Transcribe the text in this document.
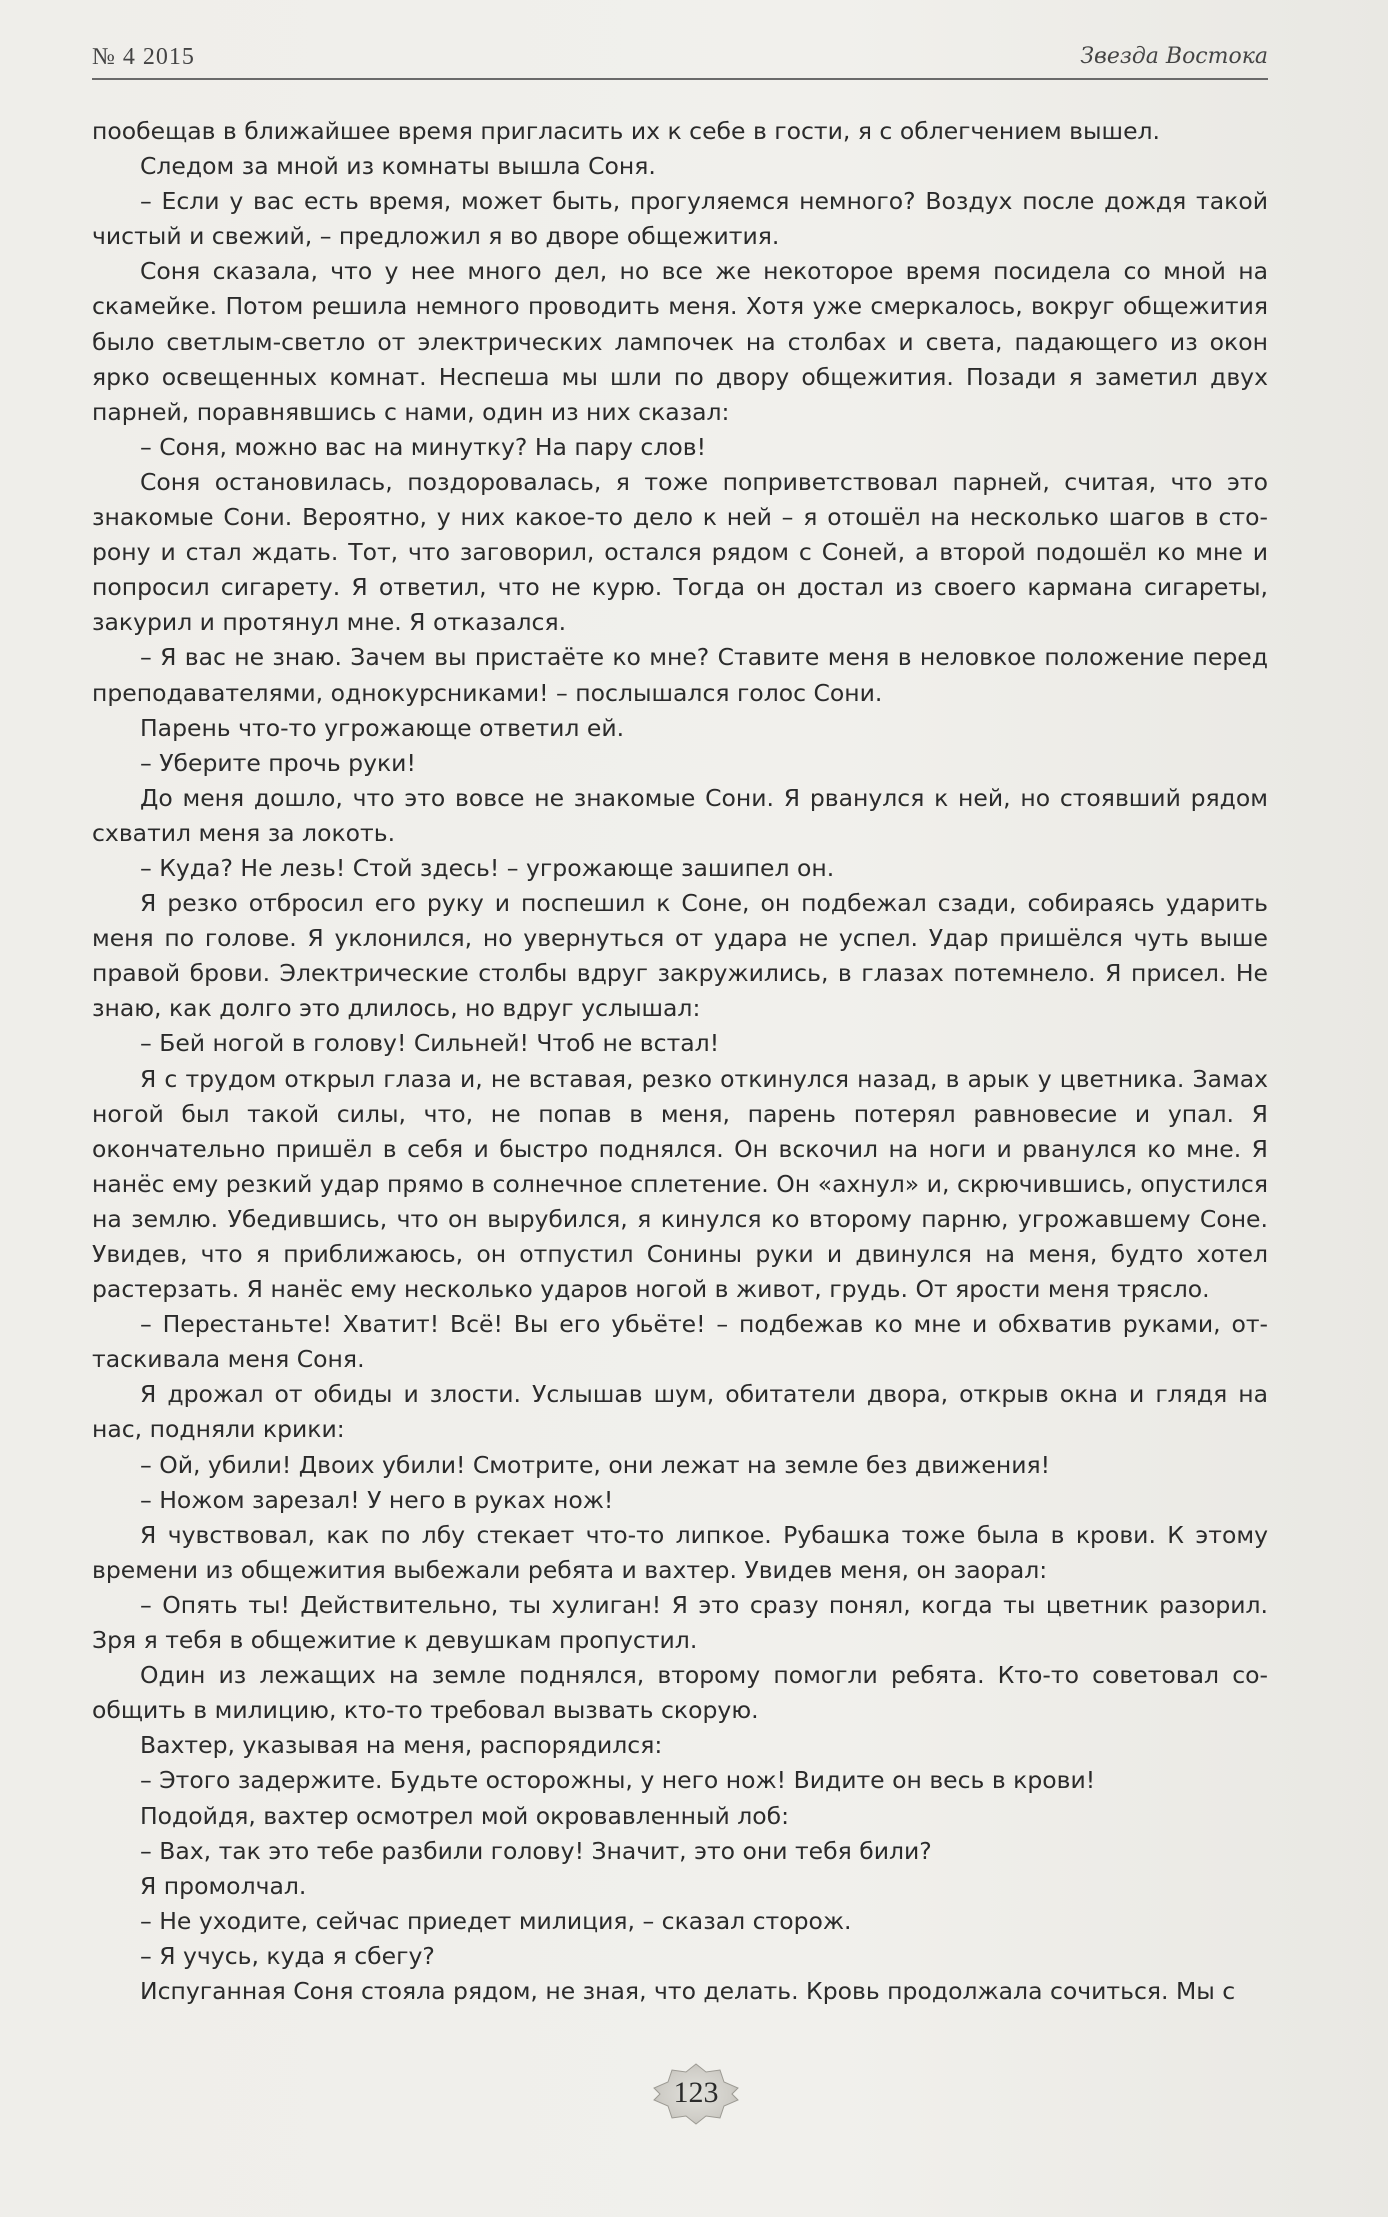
№ 4 2015	Звезда Востока

пообещав в ближайшее время пригласить их к себе в гости, я с облегчением вышел.

Следом за мной из комнаты вышла Соня.

– Если у вас есть время, может быть, прогуляемся немного? Воздух после дождя такой чистый и свежий, – предложил я во дворе общежития.

Соня сказала, что у нее много дел, но все же некоторое время посидела со мной на скамейке. Потом решила немного проводить меня. Хотя уже смеркалось, вокруг общежития было светлым-светло от электрических лампочек на столбах и света, падающего из окон ярко освещенных комнат. Неспеша мы шли по двору общежития. Позади я заметил двух парней, поравнявшись с нами, один из них сказал:

– Соня, можно вас на минутку? На пару слов!

Соня остановилась, поздоровалась, я тоже поприветствовал парней, считая, что это знакомые Сони. Вероятно, у них какое-то дело к ней – я отошёл на несколько шагов в сторону и стал ждать. Тот, что заговорил, остался рядом с Соней, а второй подошёл ко мне и попросил сигарету. Я ответил, что не курю. Тогда он достал из своего кармана сигареты, закурил и протянул мне. Я отказался.

– Я вас не знаю. Зачем вы пристаёте ко мне? Ставите меня в неловкое положение перед преподавателями, однокурсниками! – послышался голос Сони.

Парень что-то угрожающе ответил ей.

– Уберите прочь руки!

До меня дошло, что это вовсе не знакомые Сони. Я рванулся к ней, но стоявший рядом схватил меня за локоть.

– Куда? Не лезь! Стой здесь! – угрожающе зашипел он.

Я резко отбросил его руку и поспешил к Соне, он подбежал сзади, собираясь ударить меня по голове. Я уклонился, но увернуться от удара не успел. Удар пришёлся чуть выше правой брови. Электрические столбы вдруг закружились, в глазах потемнело. Я присел. Не знаю, как долго это длилось, но вдруг услышал:

– Бей ногой в голову! Сильней! Чтоб не встал!

Я с трудом открыл глаза и, не вставая, резко откинулся назад, в арык у цветника. Замах ногой был такой силы, что, не попав в меня, парень потерял равновесие и упал. Я окончательно пришёл в себя и быстро поднялся. Он вскочил на ноги и рванулся ко мне. Я нанёс ему резкий удар прямо в солнечное сплетение. Он «ахнул» и, скрючившись, опустился на землю. Убедившись, что он вырубился, я кинулся ко второму парню, угрожавшему Соне. Увидев, что я приближаюсь, он отпустил Сонины руки и двинулся на меня, будто хотел растерзать. Я нанёс ему несколько ударов ногой в живот, грудь. От ярости меня трясло.

– Перестаньте! Хватит! Всё! Вы его убьёте! – подбежав ко мне и обхватив руками, оттаскивала меня Соня.

Я дрожал от обиды и злости. Услышав шум, обитатели двора, открыв окна и глядя на нас, подняли крики:

– Ой, убили! Двоих убили! Смотрите, они лежат на земле без движения!

– Ножом зарезал! У него в руках нож!

Я чувствовал, как по лбу стекает что-то липкое. Рубашка тоже была в крови. К этому времени из общежития выбежали ребята и вахтер. Увидев меня, он заорал:

– Опять ты! Действительно, ты хулиган! Я это сразу понял, когда ты цветник разорил. Зря я тебя в общежитие к девушкам пропустил.

Один из лежащих на земле поднялся, второму помогли ребята. Кто-то советовал сообщить в милицию, кто-то требовал вызвать скорую.

Вахтер, указывая на меня, распорядился:

– Этого задержите. Будьте осторожны, у него нож! Видите он весь в крови!

Подойдя, вахтер осмотрел мой окровавленный лоб:

– Вах, так это тебе разбили голову! Значит, это они тебя били?

Я промолчал.

– Не уходите, сейчас приедет милиция, – сказал сторож.

– Я учусь, куда я сбегу?

Испуганная Соня стояла рядом, не зная, что делать. Кровь продолжала сочиться. Мы с

123
